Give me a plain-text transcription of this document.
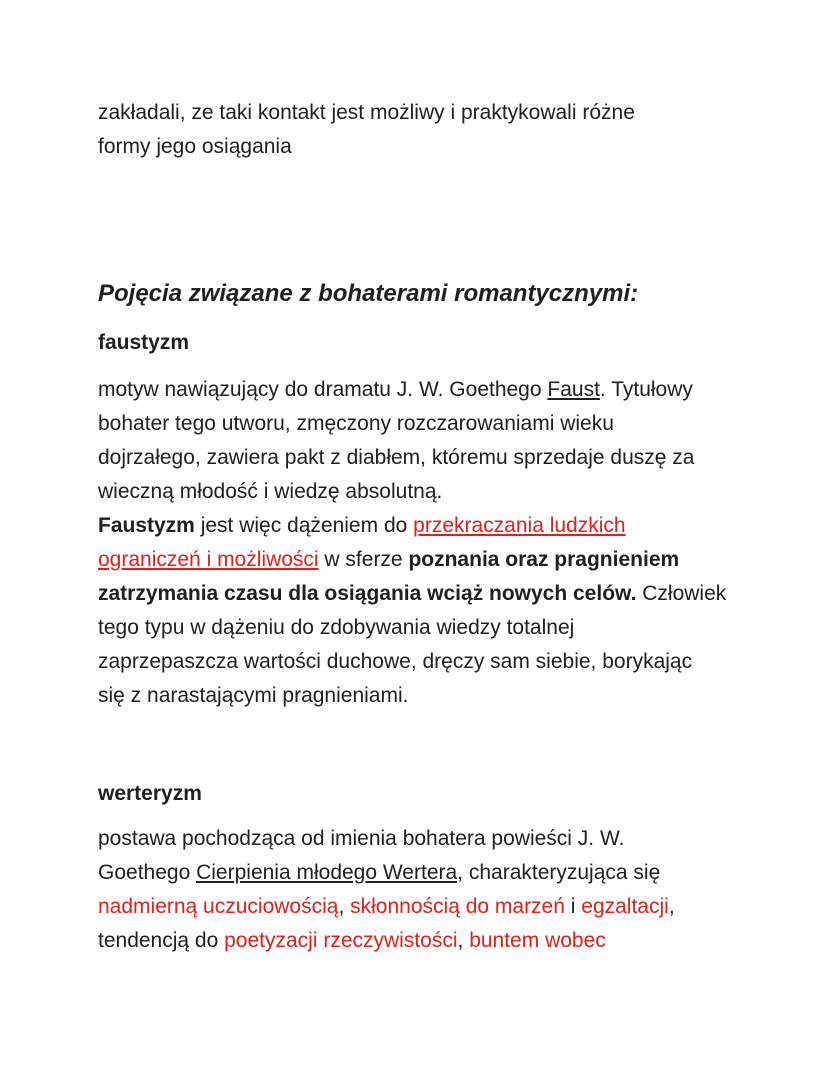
zakładali, ze taki kontakt jest możliwy i praktykowali różne
formy jego osiągania
Pojęcia związane z bohaterami romantycznymi:

faustyzm

motyw nawiązujący do dramatu J. W. Goethego Faust. Tytułowy
bohater tego utworu, zmęczony rozczarowaniami wieku
dojrzałego, zawiera pakt z diabłem, któremu sprzedaje duszę za
wieczną młodość i wiedzę absolutną.
Faustyzm jest więc dążeniem do przekraczania ludzkich
ograniczeń i możliwości w sferze poznania oraz pragnieniem
zatrzymania czasu dla osiągania wciąż nowych celów. Człowiek
tego typu w dążeniu do zdobywania wiedzy totalnej
zaprzepaszcza wartości duchowe, dręczy sam siebie, borykając
się z narastającymi pragnieniami.

werteryzm

postawa pochodząca od imienia bohatera powieści J. W.
Goethego Cierpienia młodego Wertera, charakteryzująca się
nadmierną uczuciowością, skłonnością do marzeń i egzaltacji,
tendencją do poetyzacji rzeczywistości, buntem wobec
